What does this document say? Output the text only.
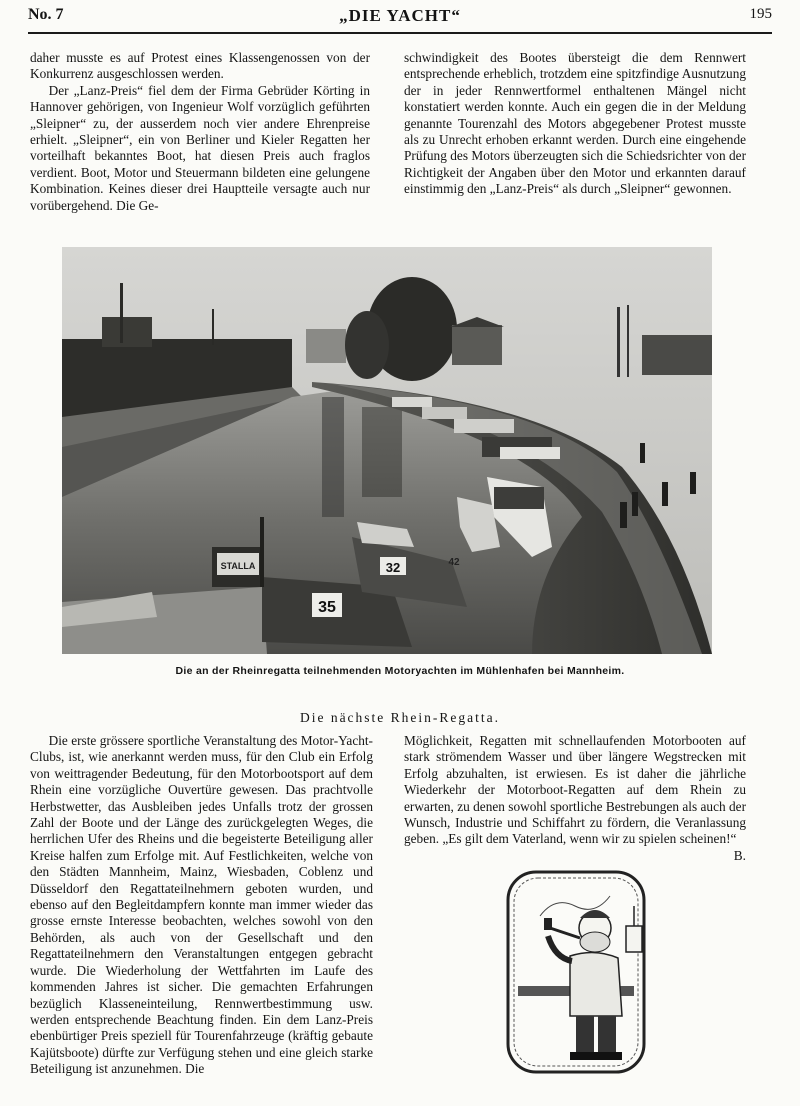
No. 7	„DIE YACHT“	195

daher musste es auf Protest eines Klassengenossen von der Konkurrenz ausgeschlossen werden.

Der „Lanz-Preis“ fiel dem der Firma Gebrüder Körting in Hannover gehörigen, von Ingenieur Wolf vorzüglich geführten „Sleipner“ zu, der ausserdem noch vier andere Ehrenpreise erhielt. „Sleipner“, ein von Berliner und Kieler Regatten her vorteilhaft bekanntes Boot, hat diesen Preis auch fraglos verdient. Boot, Motor und Steuermann bildeten eine gelungene Kombination. Keines dieser drei Hauptteile versagte auch nur vorübergehend. Die Ge-

schwindigkeit des Bootes übersteigt die dem Rennwert entsprechende erheblich, trotzdem eine spitzfindige Ausnutzung der in jeder Rennwertformel enthaltenen Mängel nicht konstatiert werden konnte. Auch ein gegen die in der Meldung genannte Tourenzahl des Motors abgegebener Protest musste als zu Unrecht erhoben erkannt werden. Durch eine eingehende Prüfung des Motors überzeugten sich die Schiedsrichter von der Richtigkeit der Angaben über den Motor und erkannten darauf einstimmig den „Lanz-Preis“ als durch „Sleipner“ gewonnen.

STALLA
35
32	42
Die an der Rheinregatta teilnehmenden Motoryachten im Mühlenhafen bei Mannheim.
Die nächste Rhein-Regatta.

Die erste grössere sportliche Veranstaltung des Motor-Yacht-Clubs, ist, wie anerkannt werden muss, für den Club ein Erfolg von weittragender Bedeutung, für den Motorbootsport auf dem Rhein eine vorzügliche Ouvertüre gewesen. Das prachtvolle Herbstwetter, das Ausbleiben jedes Unfalls trotz der grossen Zahl der Boote und der Länge des zurückgelegten Weges, die herrlichen Ufer des Rheins und die begeisterte Beteiligung aller Kreise halfen zum Erfolge mit. Auf Festlichkeiten, welche von den Städten Mannheim, Mainz, Wiesbaden, Coblenz und Düsseldorf den Regattateilnehmern geboten wurden, und ebenso auf den Begleitdampfern konnte man immer wieder das grosse ernste Interesse beobachten, welches sowohl von den Behörden, als auch von der Gesellschaft und den Regattateilnehmern den Veranstaltungen entgegen gebracht wurde. Die Wiederholung der Wettfahrten im Laufe des kommenden Jahres ist sicher. Die gemachten Erfahrungen bezüglich Klasseneinteilung, Rennwertbestimmung usw. werden entsprechende Beachtung finden. Ein dem Lanz-Preis ebenbürtiger Preis speziell für Tourenfahrzeuge (kräftig gebaute Kajütsboote) dürfte zur Verfügung stehen und eine gleich starke Beteiligung ist anzunehmen. Die

Möglichkeit, Regatten mit schnellaufenden Motorbooten auf stark strömendem Wasser und über längere Wegstrecken mit Erfolg abzuhalten, ist erwiesen. Es ist daher die jährliche Wiederkehr der Motorboot-Regatten auf dem Rhein zu erwarten, zu denen sowohl sportliche Bestrebungen als auch der Wunsch, Industrie und Schiffahrt zu fördern, die Veranlassung geben. „Es gilt dem Vaterland, wenn wir zu spielen scheinen!“

B.
